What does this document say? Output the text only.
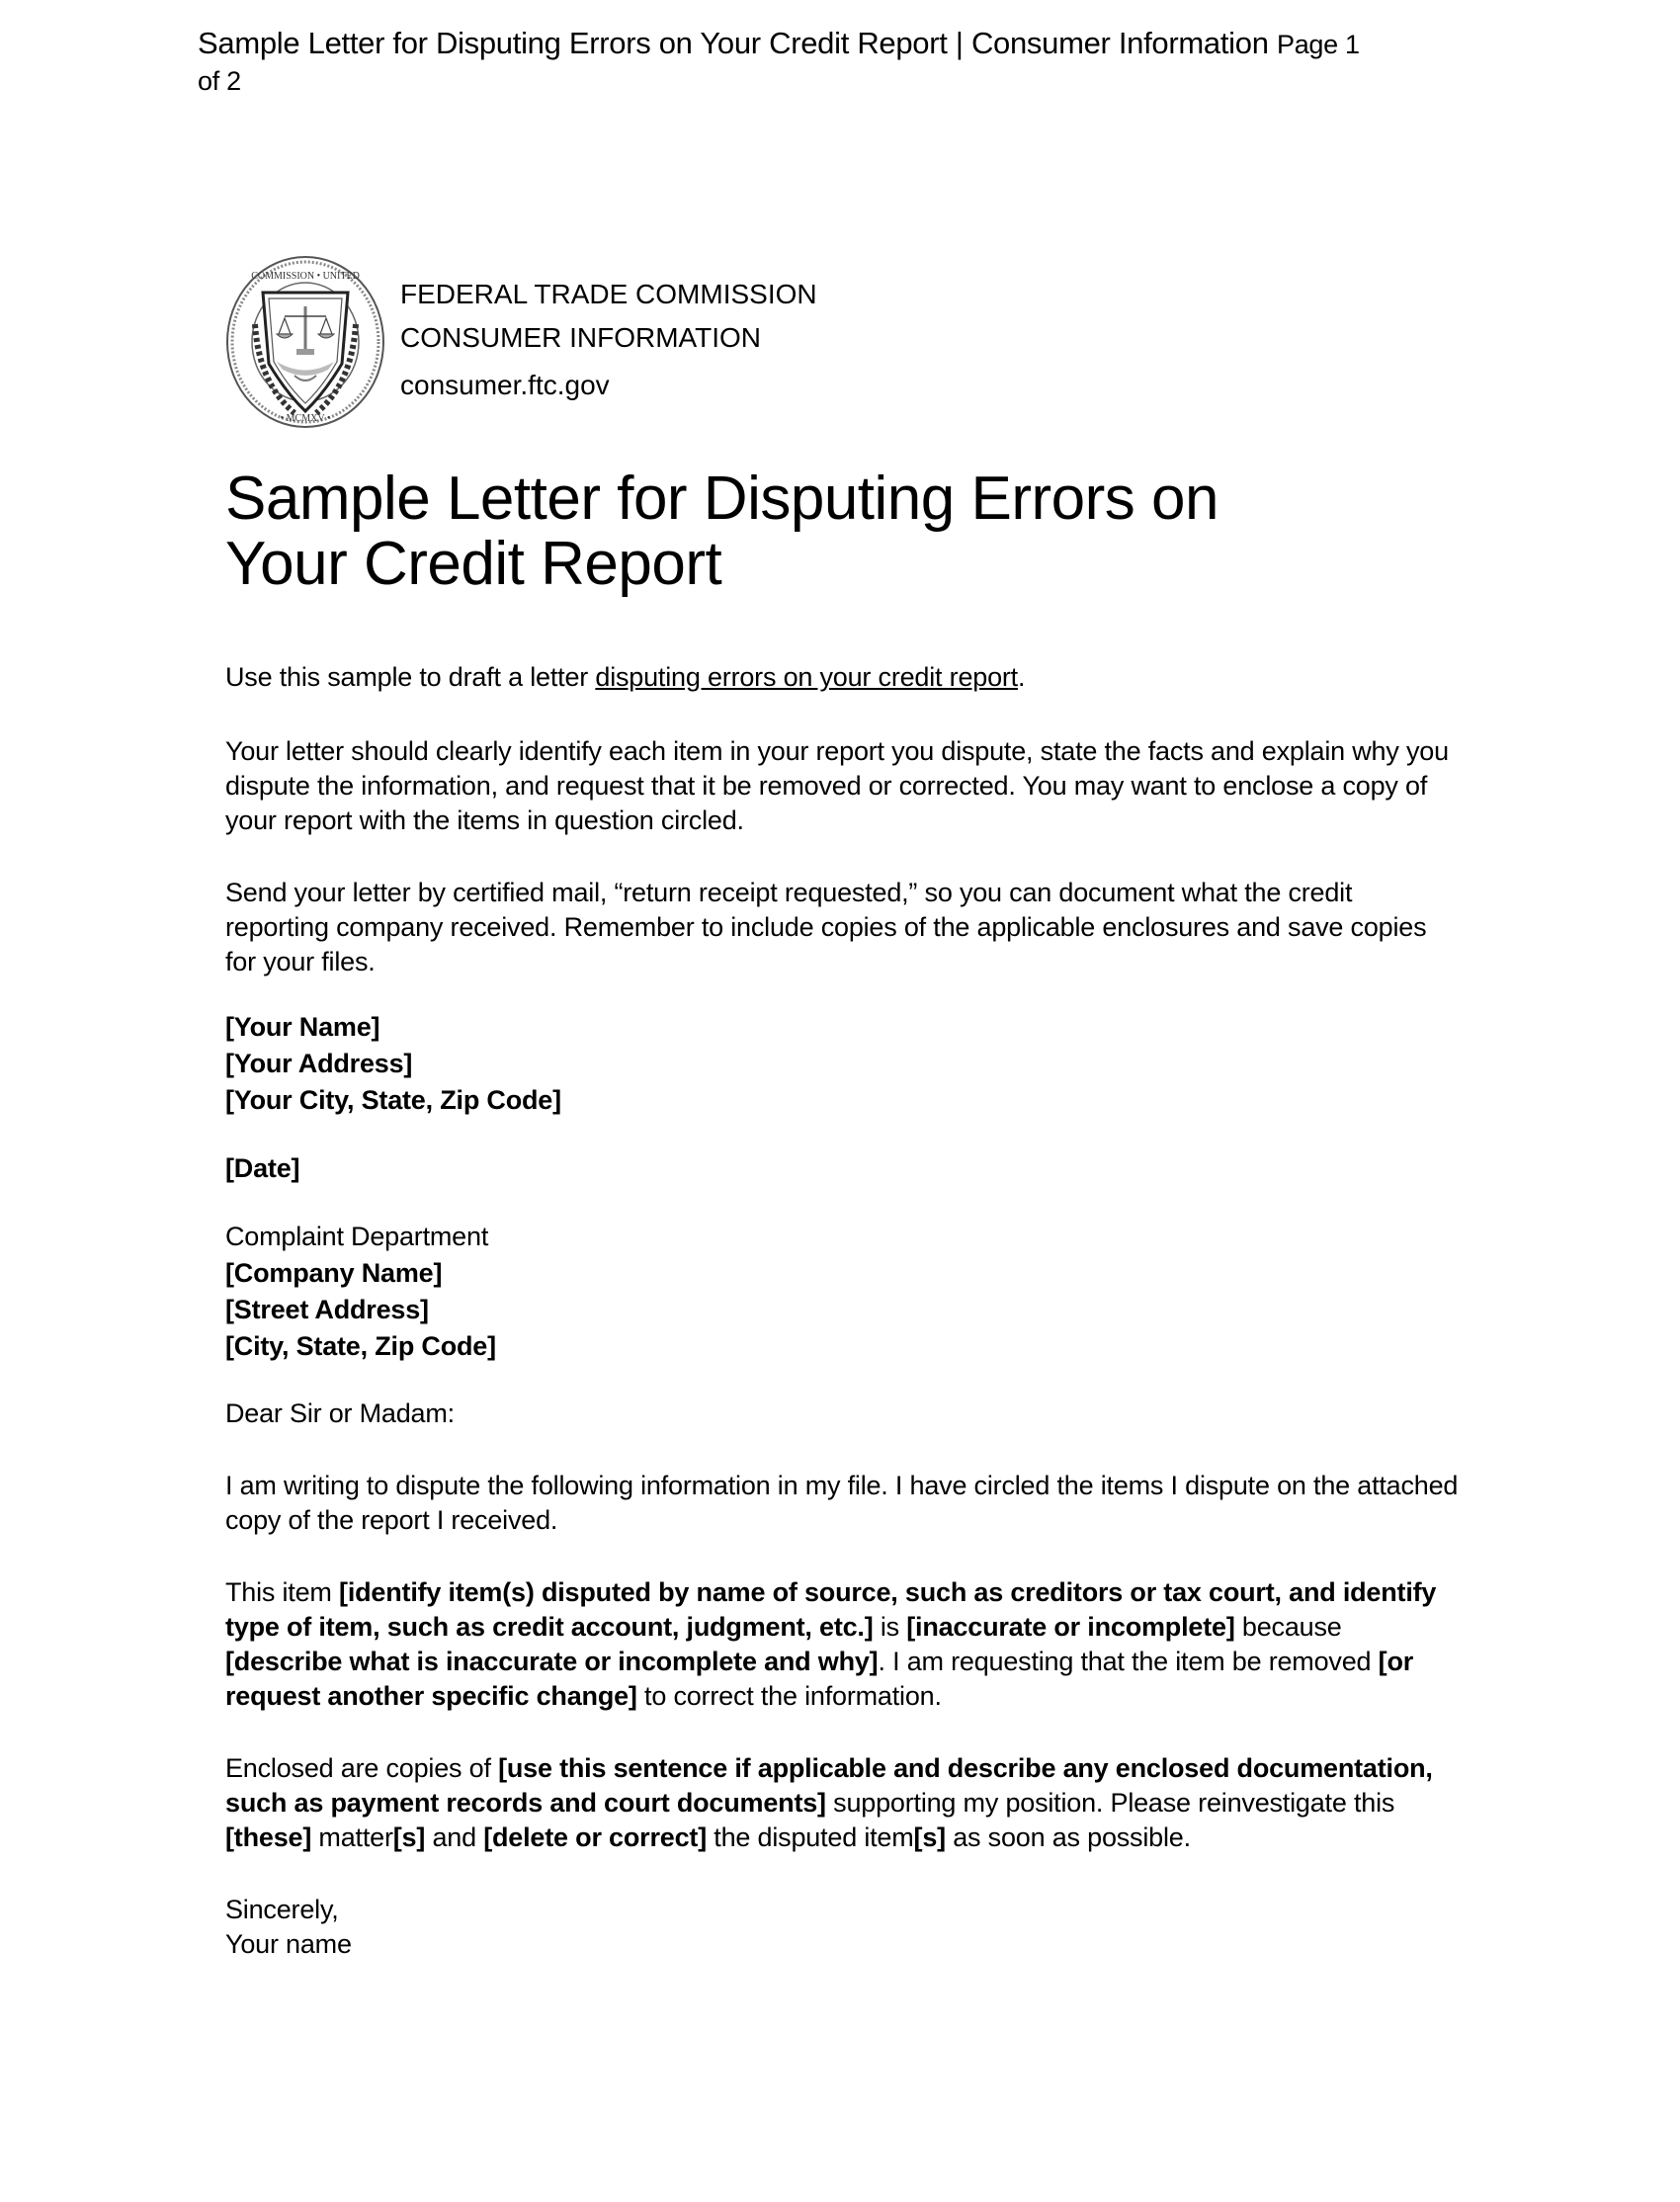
Sample Letter for Disputing Errors on Your Credit Report | Consumer Information Page 1
of 2
COMMISSION • UNITED
• MCMXV •
FEDERAL TRADE COMMISSION
CONSUMER INFORMATION
consumer.ftc.gov
Sample Letter for Disputing Errors on
Your Credit Report

Use this sample to draft a letter disputing errors on your credit report.

Your letter should clearly identify each item in your report you dispute, state the facts and explain why you dispute the information, and request that it be removed or corrected. You may want to enclose a copy of your report with the items in question circled.

Send your letter by certified mail, “return receipt requested,” so you can document what the credit reporting company received. Remember to include copies of the applicable enclosures and save copies for your files.

[Your Name]
[Your Address]
[Your City, State, Zip Code]
[Date]
Complaint Department
[Company Name]
[Street Address]
[City, State, Zip Code]

Dear Sir or Madam:

I am writing to dispute the following information in my file. I have circled the items I dispute on the attached copy of the report I received.

This item [identify item(s) disputed by name of source, such as creditors or tax court, and identify type of item, such as credit account, judgment, etc.] is [inaccurate or incomplete] because [describe what is inaccurate or incomplete and why]. I am requesting that the item be removed [or request another specific change] to correct the information.

Enclosed are copies of [use this sentence if applicable and describe any enclosed documentation, such as payment records and court documents] supporting my position. Please reinvestigate this [these] matter[s] and [delete or correct] the disputed item[s] as soon as possible.

Sincerely,
Your name
